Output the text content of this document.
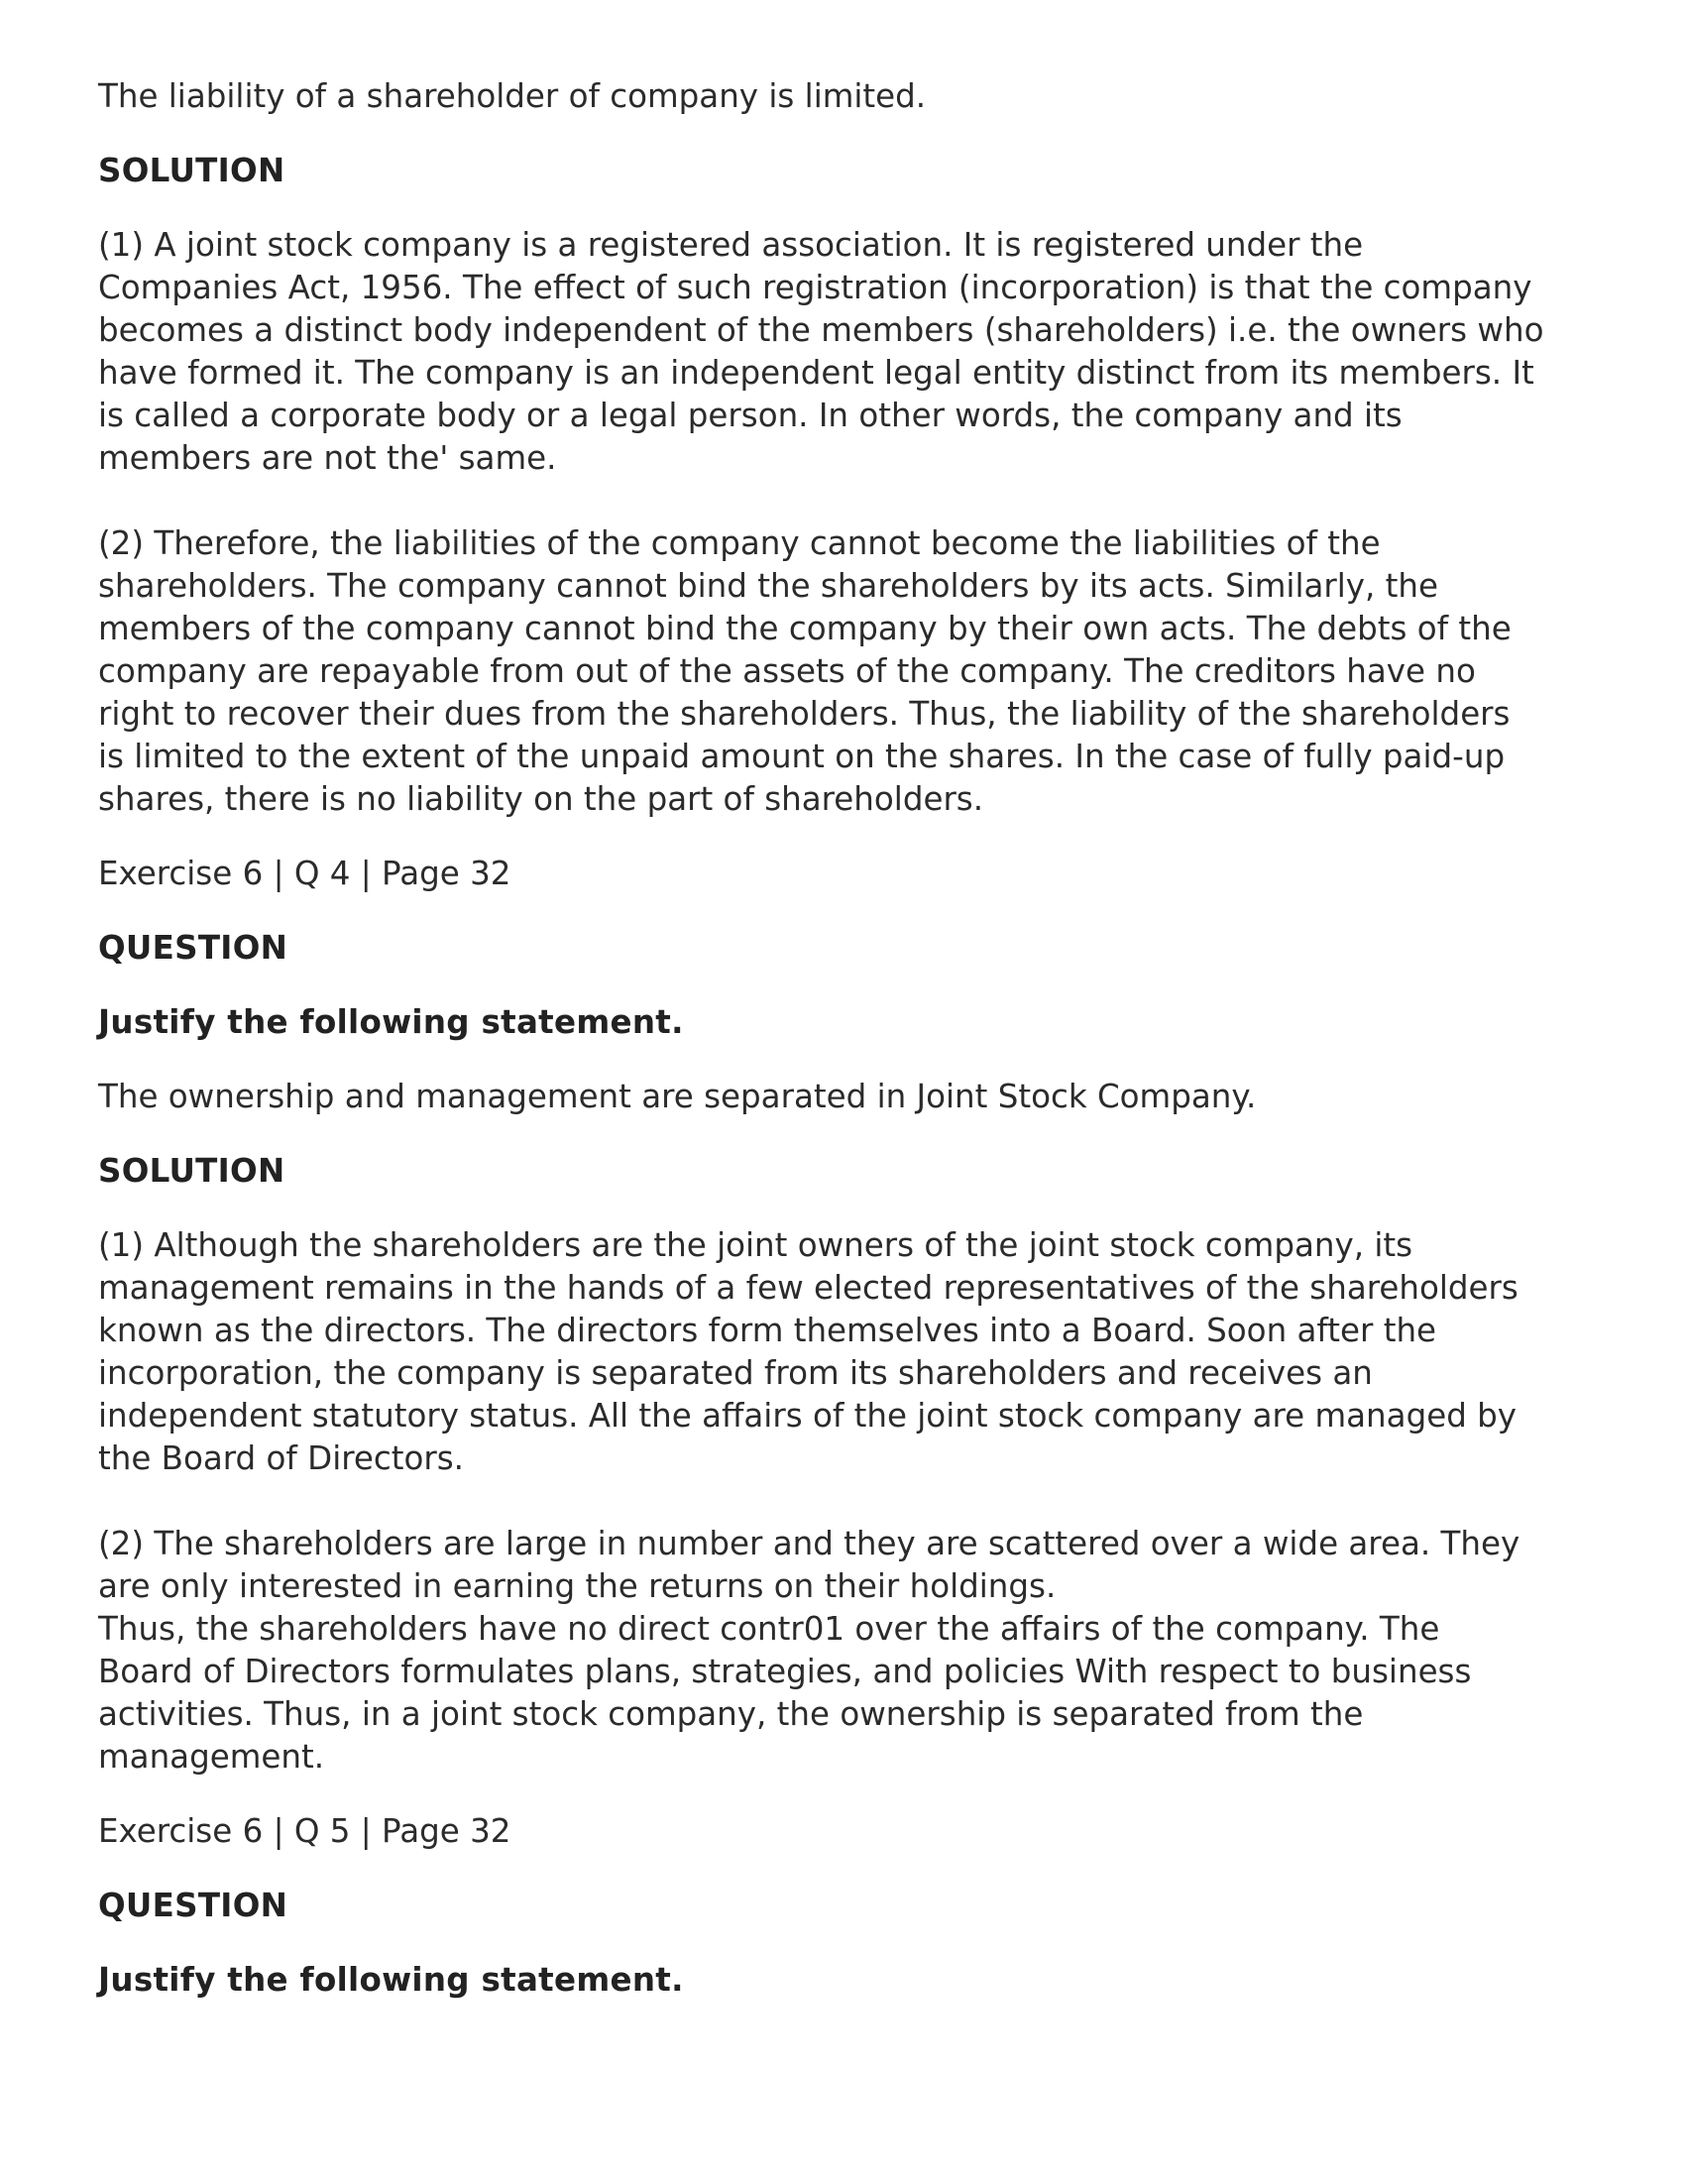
The liability of a shareholder of company is limited.

SOLUTION

(1) A joint stock company is a registered association. It is registered under the
Companies Act, 1956. The effect of such registration (incorporation) is that the company
becomes a distinct body independent of the members (shareholders) i.e. the owners who
have formed it. The company is an independent legal entity distinct from its members. It
is called a corporate body or a legal person. In other words, the company and its
members are not the' same.

(2) Therefore, the liabilities of the company cannot become the liabilities of the
shareholders. The company cannot bind the shareholders by its acts. Similarly, the
members of the company cannot bind the company by their own acts. The debts of the
company are repayable from out of the assets of the company. The creditors have no
right to recover their dues from the shareholders. Thus, the liability of the shareholders
is limited to the extent of the unpaid amount on the shares. In the case of fully paid-up
shares, there is no liability on the part of shareholders.

Exercise 6 | Q 4 | Page 32

QUESTION

Justify the following statement.

The ownership and management are separated in Joint Stock Company.

SOLUTION

(1) Although the shareholders are the joint owners of the joint stock company, its
management remains in the hands of a few elected representatives of the shareholders
known as the directors. The directors form themselves into a Board. Soon after the
incorporation, the company is separated from its shareholders and receives an
independent statutory status. All the affairs of the joint stock company are managed by
the Board of Directors.

(2) The shareholders are large in number and they are scattered over a wide area. They
are only interested in earning the returns on their holdings.
Thus, the shareholders have no direct contr01 over the affairs of the company. The
Board of Directors formulates plans, strategies, and policies With respect to business
activities. Thus, in a joint stock company, the ownership is separated from the
management.

Exercise 6 | Q 5 | Page 32

QUESTION

Justify the following statement.
